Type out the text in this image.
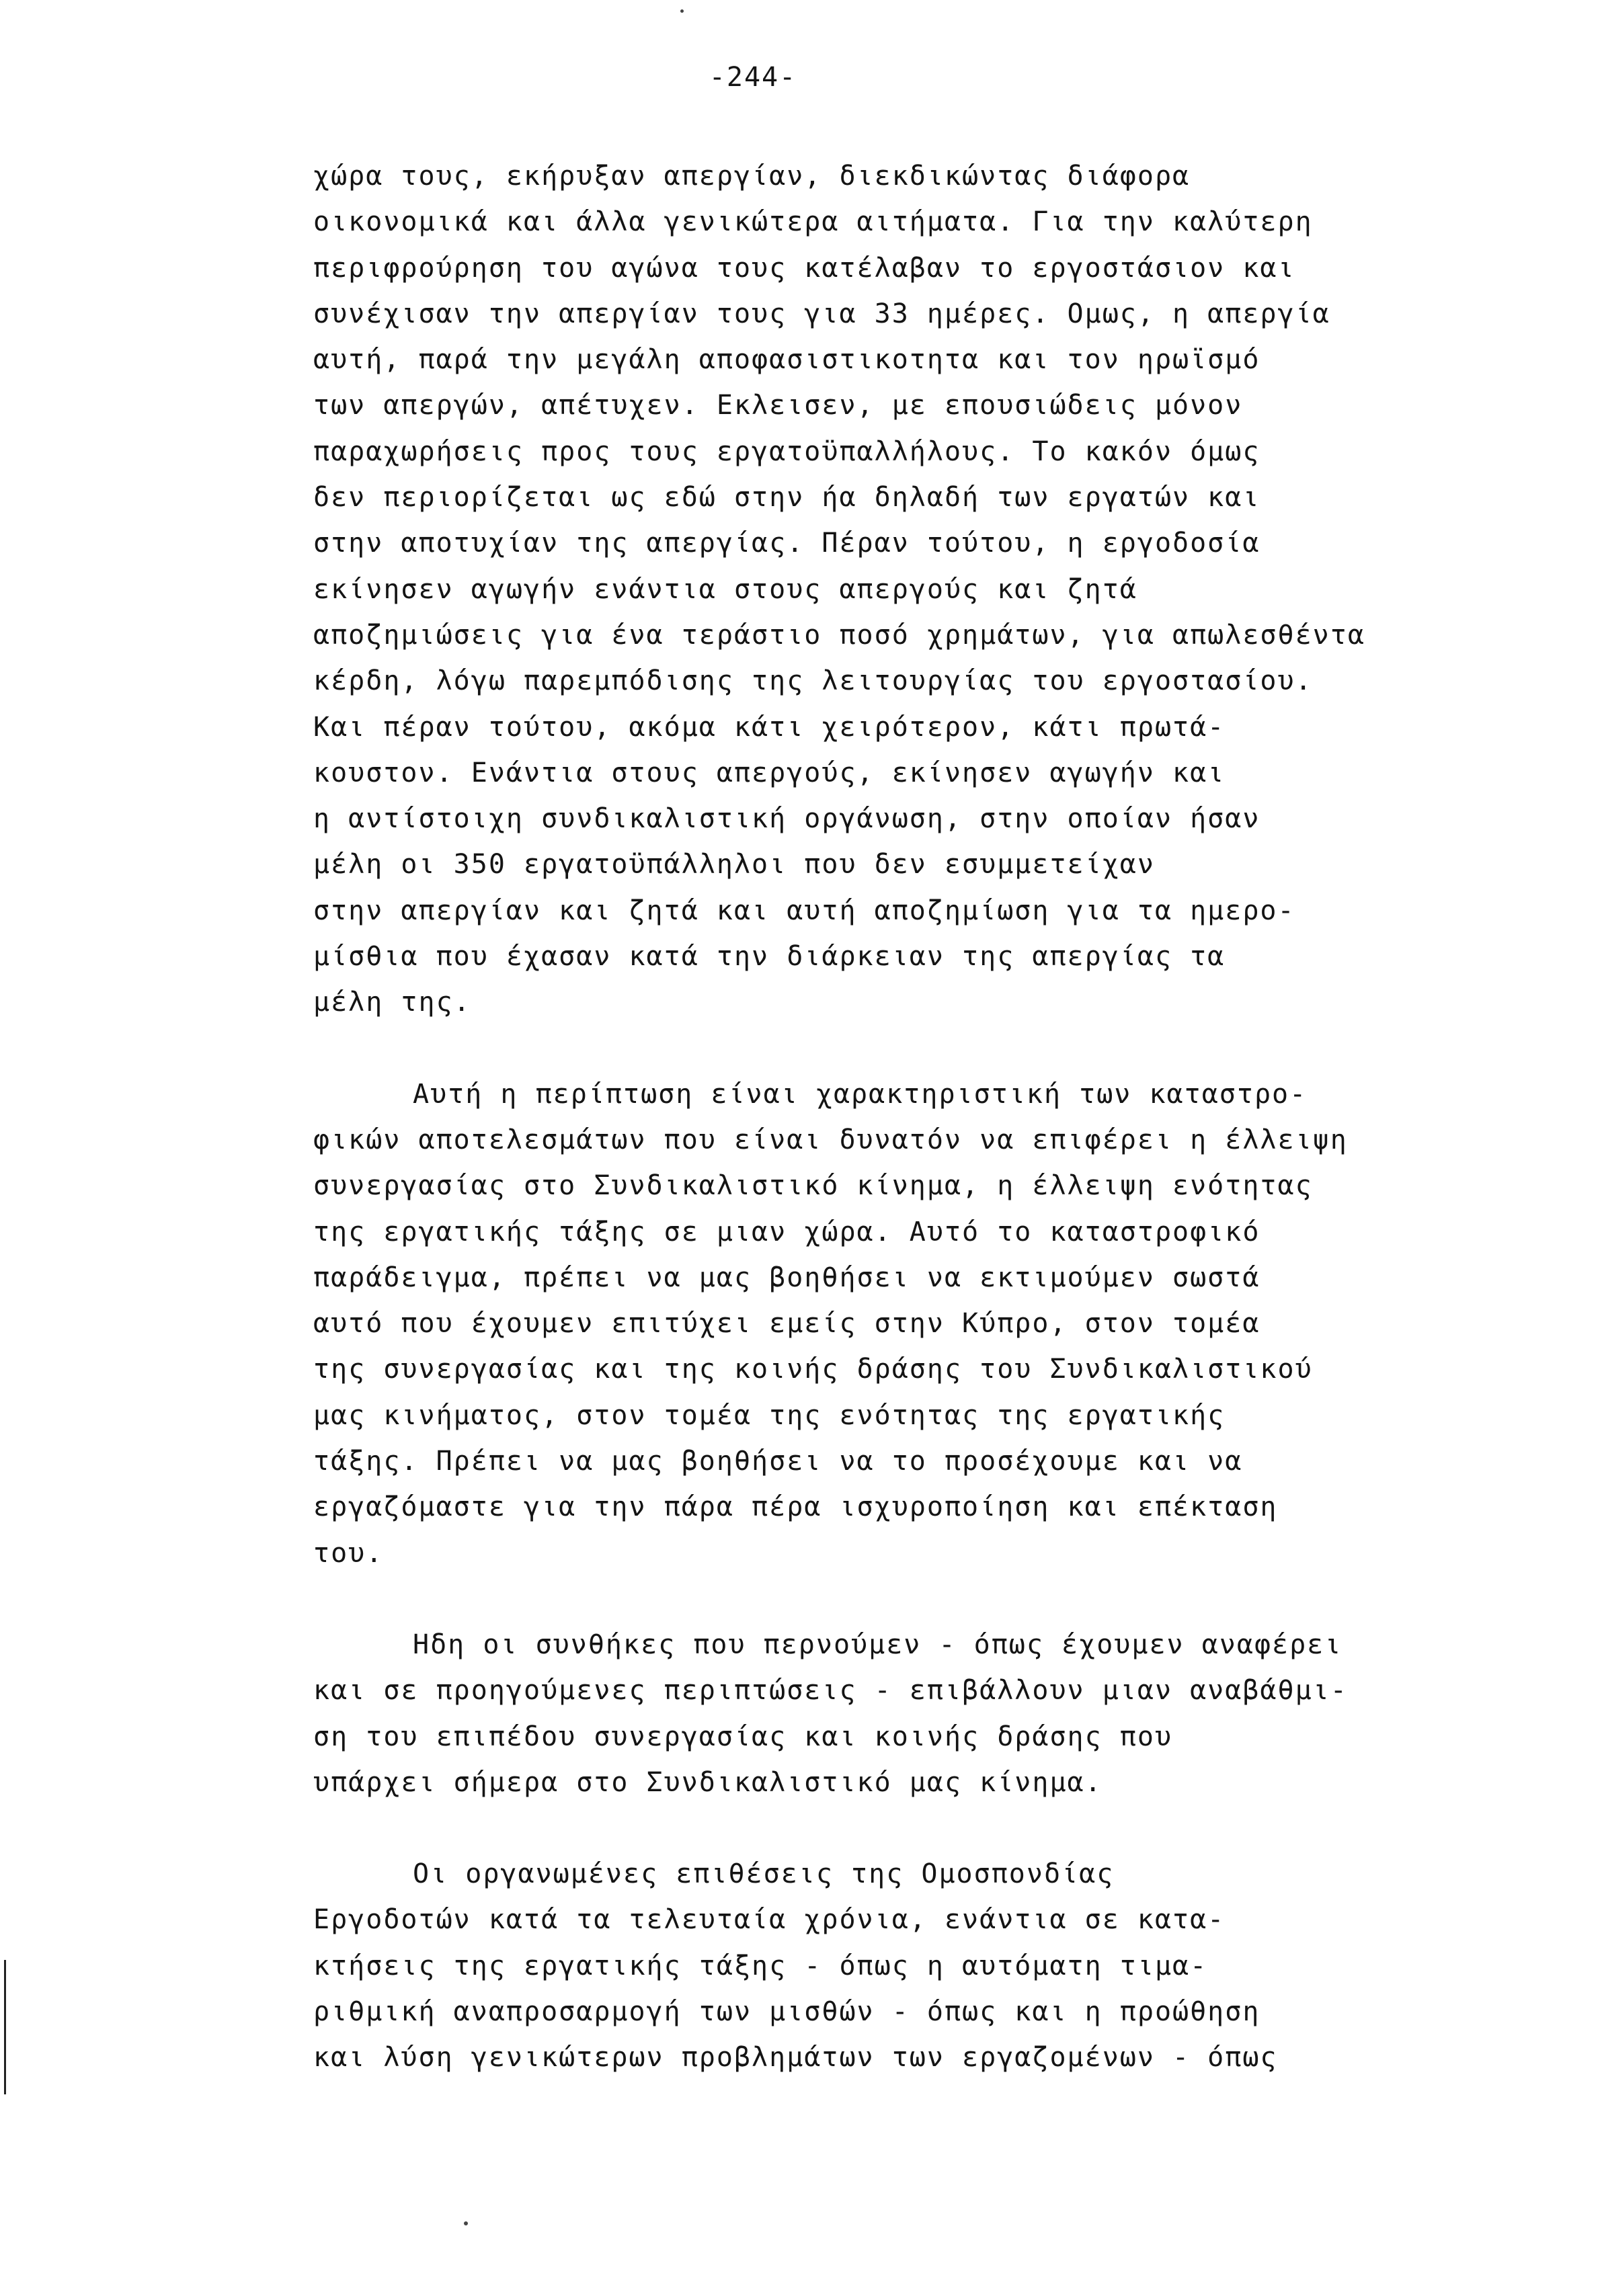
-244-
χώρα τους, εκήρυξαν απεργίαν, διεκδικώντας διάφορα
οικονομικά και άλλα γενικώτερα αιτήματα. Για την καλύτερη
περιφρούρηση του αγώνα τους κατέλαβαν το εργοστάσιον και
συνέχισαν την απεργίαν τους για 33 ημέρες. Ομως, η απεργία
αυτή, παρά την μεγάλη αποφασιστικοτητα και τον ηρωϊσμό
των απεργών, απέτυχεν. Εκλεισεν, με επουσιώδεις μόνον
παραχωρήσεις προς τους εργατοϋπαλλήλους. Το κακόν όμως
δεν περιορίζεται ως εδώ στην ήα δηλαδή των εργατών και
στην αποτυχίαν της απεργίας. Πέραν τούτου, η εργοδοσία
εκίνησεν αγωγήν ενάντια στους απεργούς και ζητά
αποζημιώσεις για ένα τεράστιο ποσό χρημάτων, για απωλεσθέντα
κέρδη, λόγω παρεμπόδισης της λειτουργίας του εργοστασίου.
Και πέραν τούτου, ακόμα κάτι χειρότερον, κάτι πρωτά-
κουστον. Ενάντια στους απεργούς, εκίνησεν αγωγήν και
η αντίστοιχη συνδικαλιστική οργάνωση, στην οποίαν ήσαν
μέλη οι 350 εργατοϋπάλληλοι που δεν εσυμμετείχαν
στην απεργίαν και ζητά και αυτή αποζημίωση για τα ημερο-
μίσθια που έχασαν κατά την διάρκειαν της απεργίας τα
μέλη της.
Αυτή η περίπτωση είναι χαρακτηριστική των καταστρο-
φικών αποτελεσμάτων που είναι δυνατόν να επιφέρει η έλλειψη
συνεργασίας στο Συνδικαλιστικό κίνημα, η έλλειψη ενότητας
της εργατικής τάξης σε μιαν χώρα. Αυτό το καταστροφικό
παράδειγμα, πρέπει να μας βοηθήσει να εκτιμούμεν σωστά
αυτό που έχουμεν επιτύχει εμείς στην Κύπρο, στον τομέα
της συνεργασίας και της κοινής δράσης του Συνδικαλιστικού
μας κινήματος, στον τομέα της ενότητας της εργατικής
τάξης. Πρέπει να μας βοηθήσει να το προσέχουμε και να
εργαζόμαστε για την πάρα πέρα ισχυροποίηση και επέκταση
του.
Ηδη οι συνθήκες που περνούμεν - όπως έχουμεν αναφέρει
και σε προηγούμενες περιπτώσεις - επιβάλλουν μιαν αναβάθμι-
ση του επιπέδου συνεργασίας και κοινής δράσης που
υπάρχει σήμερα στο Συνδικαλιστικό μας κίνημα.
Οι οργανωμένες επιθέσεις της Ομοσπονδίας
Εργοδοτών κατά τα τελευταία χρόνια, ενάντια σε κατα-
κτήσεις της εργατικής τάξης - όπως η αυτόματη τιμα-
ριθμική αναπροσαρμογή των μισθών - όπως και η προώθηση
και λύση γενικώτερων προβλημάτων των εργαζομένων - όπως
